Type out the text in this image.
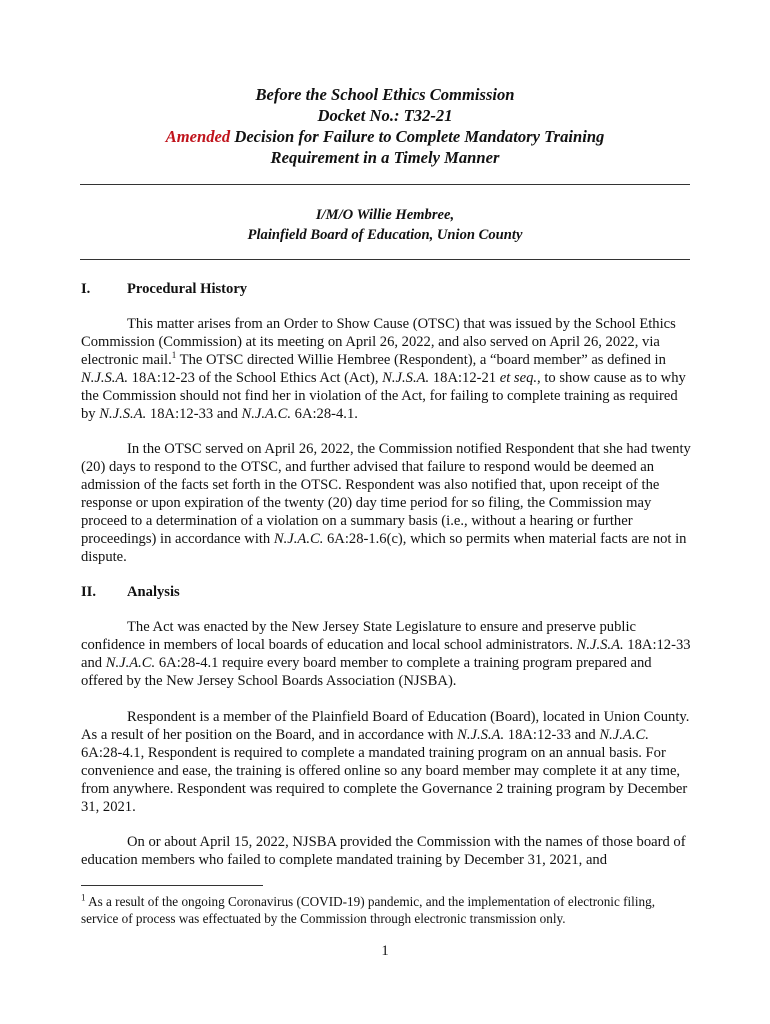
Before the School Ethics Commission
Docket No.: T32-21
Amended Decision for Failure to Complete Mandatory Training
Requirement in a Timely Manner
I/M/O Willie Hembree,
Plainfield Board of Education, Union County
I.	Procedural History

This matter arises from an Order to Show Cause (OTSC) that was issued by the School Ethics Commission (Commission) at its meeting on April 26, 2022, and also served on April 26, 2022, via electronic mail.$^1$ The OTSC directed Willie Hembree (Respondent), a “board member” as defined in N.J.S.A. 18A:12-23 of the School Ethics Act (Act), N.J.S.A. 18A:12-21 et seq., to show cause as to why the Commission should not find her in violation of the Act, for failing to complete training as required by N.J.S.A. 18A:12-33 and N.J.A.C. 6A:28-4.1.

In the OTSC served on April 26, 2022, the Commission notified Respondent that she had twenty (20) days to respond to the OTSC, and further advised that failure to respond would be deemed an admission of the facts set forth in the OTSC. Respondent was also notified that, upon receipt of the response or upon expiration of the twenty (20) day time period for so filing, the Commission may proceed to a determination of a violation on a summary basis (i.e., without a hearing or further proceedings) in accordance with N.J.A.C. 6A:28-1.6(c), which so permits when material facts are not in dispute.

II. Analysis

The Act was enacted by the New Jersey State Legislature to ensure and preserve public confidence in members of local boards of education and local school administrators. N.J.S.A. 18A:12-33 and N.J.A.C. 6A:28-4.1 require every board member to complete a training program prepared and offered by the New Jersey School Boards Association (NJSBA).

Respondent is a member of the Plainfield Board of Education (Board), located in Union County. As a result of her position on the Board, and in accordance with N.J.S.A. 18A:12-33 and N.J.A.C. 6A:28-4.1, Respondent is required to complete a mandated training program on an annual basis. For convenience and ease, the training is offered online so any board member may complete it at any time, from anywhere. Respondent was required to complete the Governance 2 training program by December 31, 2021.

On or about April 15, 2022, NJSBA provided the Commission with the names of those board of education members who failed to complete mandated training by December 31, 2021, and

$^1$ As a result of the ongoing Coronavirus (COVID-19) pandemic, and the implementation of electronic filing, service of process was effectuated by the Commission through electronic transmission only.
1
